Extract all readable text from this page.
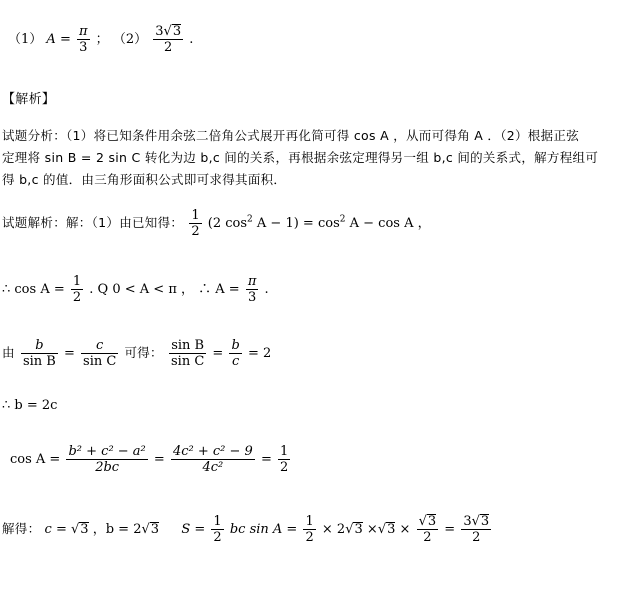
（1） $A = \frac{\pi}{3}$ ； $(2) \frac{3√3}{2}$ .
【解析】
试题分析：（1）将已知条件用余弦二倍角公式展开再化简可得 cos A ，从而可得角 A ．（2）根据正弦
定理将 sin B = 2 sin C 转化为边 b,c 间的关系，再根据余弦定理得另一组 b,c 间的关系式，解方程组可
得 b,c 的值．由三角形面积公式即可求得其面积．
试题解析：解：（1）由已知得： $\frac{1}{2} (2$ $\cos^2 A - 1) = \cos^2 A - \cos A$ ，
∴ $\cos A = \frac{1}{2}$ . Q 0 < A < π ， ∴ $A = \frac{\pi}{3}$ .
由 $\frac{b}{\text{sin B}} = \frac{c}{\text{sin C}}$ 可得： $\frac{\text{sin B}}{\text{sin C}} = \frac{b}{c} = 2$
∴ b = 2c
$\cos A = \frac{\text{b² + c² − a²}}{2bc} = \frac{\text{4c² + c² − 9}}{\text{4c²}} = \frac{1}{2}$
解得： c = √3 ，b = 2√3 $S = \frac{1}{2}$ bc $\sin A = \frac{1}{2} \times 2√3 \times√3 \times \frac{√3}{2} = \frac{3√3}{2}$
